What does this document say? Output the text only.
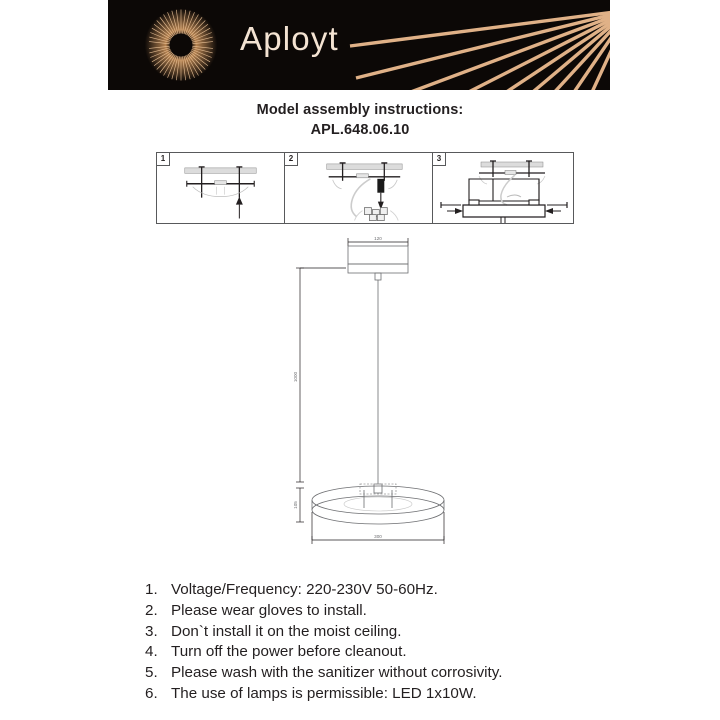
Aployt
Model assembly instructions:
APL.648.06.10
1	2	3
120
1000
105
300
1. Voltage/Frequency: 220-230V 50-60Hz.
2. Please wear gloves to install.
3. Don`t install it on the moist ceiling.
4. Turn off the power before cleanout.
5. Please wash with the sanitizer without corrosivity.
6. The use of lamps is permissible: LED 1x10W.
